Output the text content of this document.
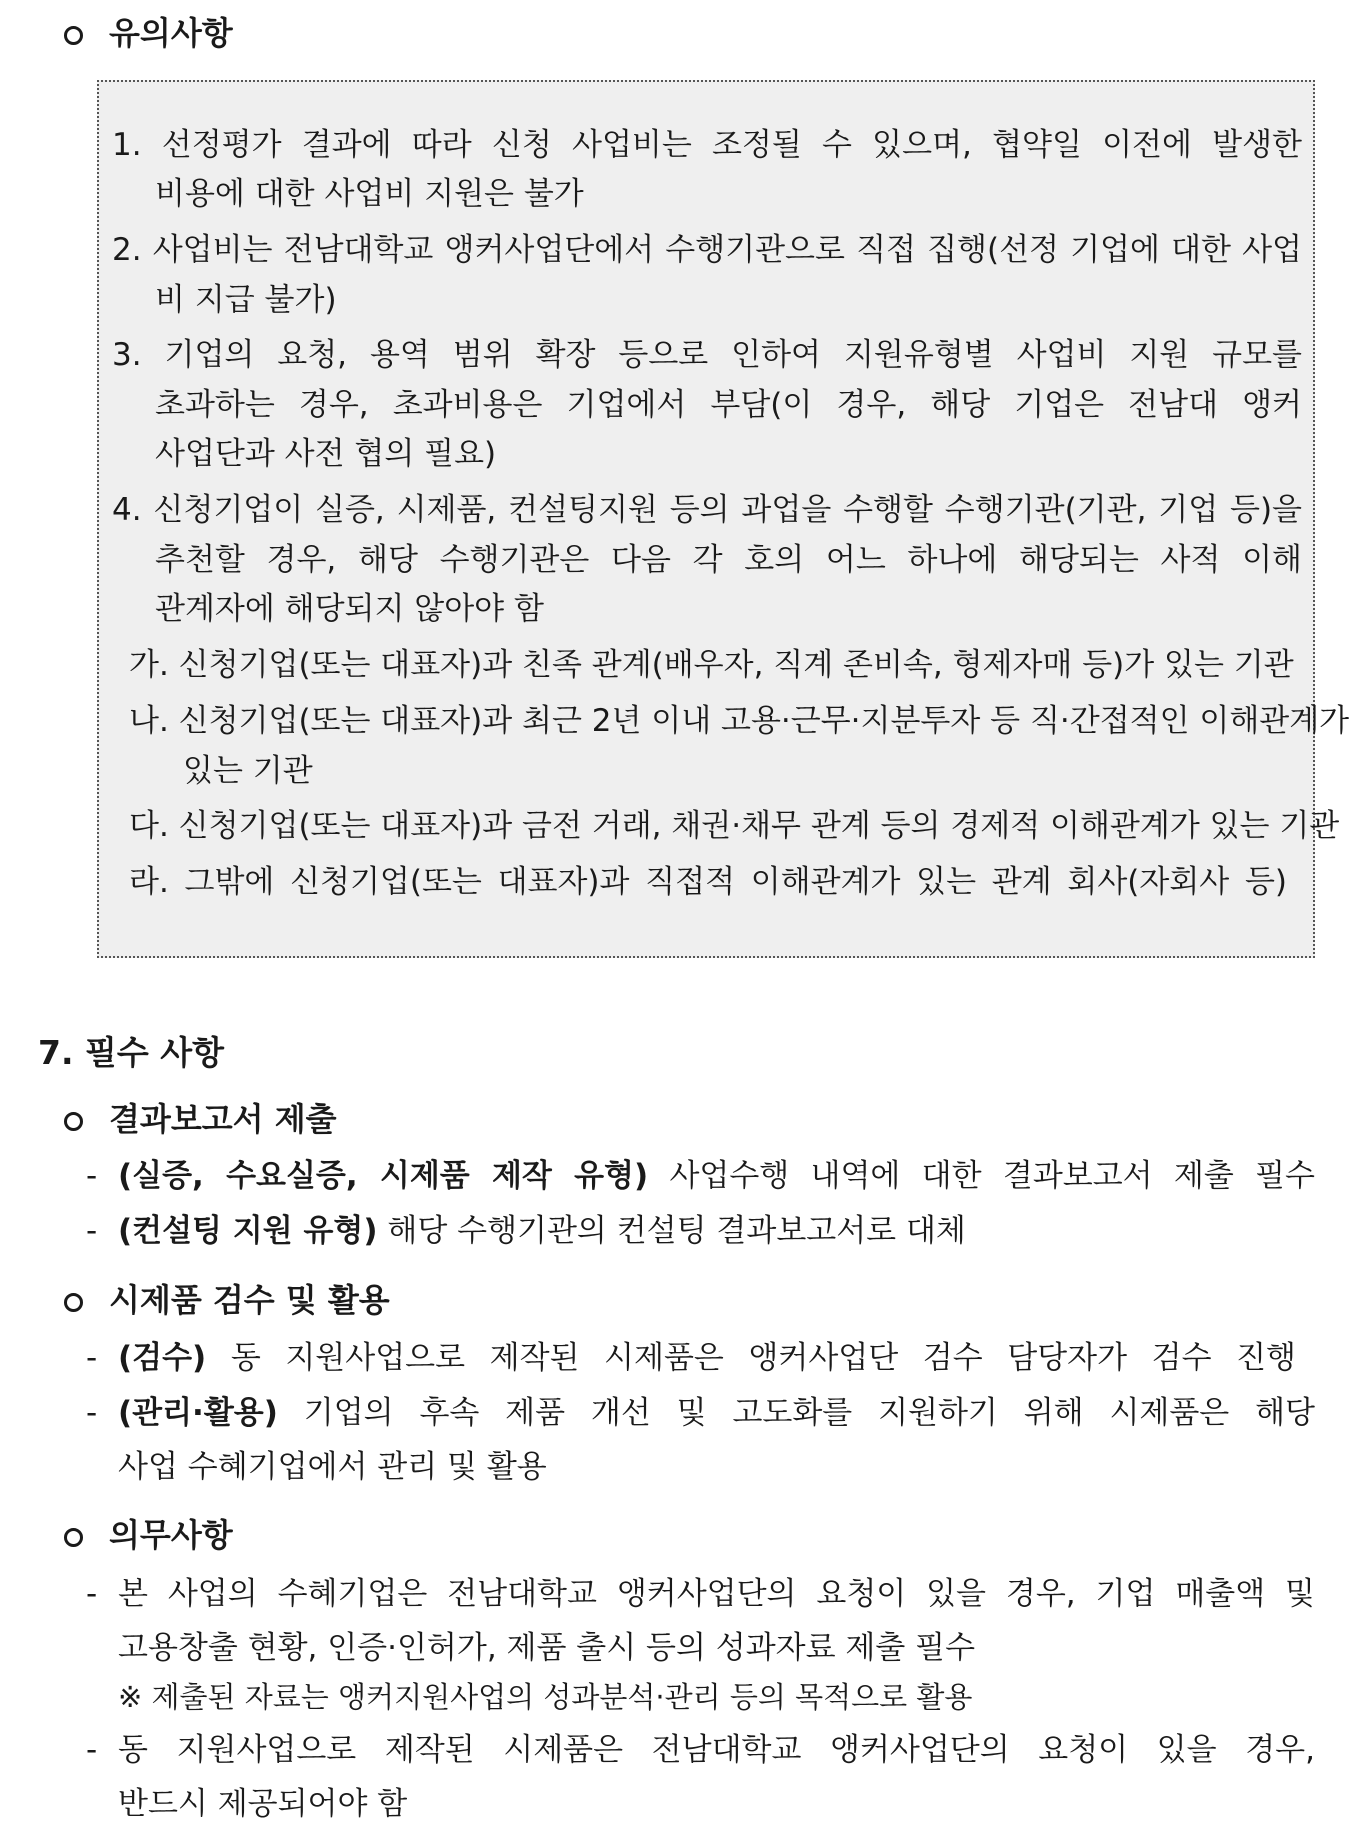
유의사항
1. 선정평가 결과에 따라 신청 사업비는 조정될 수 있으며, 협약일 이전에 발생한
비용에 대한 사업비 지원은 불가
2. 사업비는 전남대학교 앵커사업단에서 수행기관으로 직접 집행(선정 기업에 대한 사업
비 지급 불가)
3. 기업의 요청, 용역 범위 확장 등으로 인하여 지원유형별 사업비 지원 규모를
초과하는 경우, 초과비용은 기업에서 부담(이 경우, 해당 기업은 전남대 앵커
사업단과 사전 협의 필요)
4. 신청기업이 실증, 시제품, 컨설팅지원 등의 과업을 수행할 수행기관(기관, 기업 등)을
추천할 경우, 해당 수행기관은 다음 각 호의 어느 하나에 해당되는 사적 이해
관계자에 해당되지 않아야 함
가. 신청기업(또는 대표자)과 친족 관계(배우자, 직계 존비속, 형제자매 등)가 있는 기관
나. 신청기업(또는 대표자)과 최근 2년 이내 고용·근무·지분투자 등 직·간접적인 이해관계가
있는 기관
다. 신청기업(또는 대표자)과 금전 거래, 채권·채무 관계 등의 경제적 이해관계가 있는 기관
라. 그밖에 신청기업(또는 대표자)과 직접적 이해관계가 있는 관계 회사(자회사 등)
7. 필수 사항
결과보고서 제출
- (실증, 수요실증, 시제품 제작 유형) 사업수행 내역에 대한 결과보고서 제출 필수
- (컨설팅 지원 유형) 해당 수행기관의 컨설팅 결과보고서로 대체
시제품 검수 및 활용
- (검수) 동 지원사업으로 제작된 시제품은 앵커사업단 검수 담당자가 검수 진행
- (관리·활용) 기업의 후속 제품 개선 및 고도화를 지원하기 위해 시제품은 해당
사업 수혜기업에서 관리 및 활용
의무사항
- 본 사업의 수혜기업은 전남대학교 앵커사업단의 요청이 있을 경우, 기업 매출액 및
고용창출 현황, 인증·인허가, 제품 출시 등의 성과자료 제출 필수
※ 제출된 자료는 앵커지원사업의 성과분석·관리 등의 목적으로 활용
- 동 지원사업으로 제작된 시제품은 전남대학교 앵커사업단의 요청이 있을 경우,
반드시 제공되어야 함
